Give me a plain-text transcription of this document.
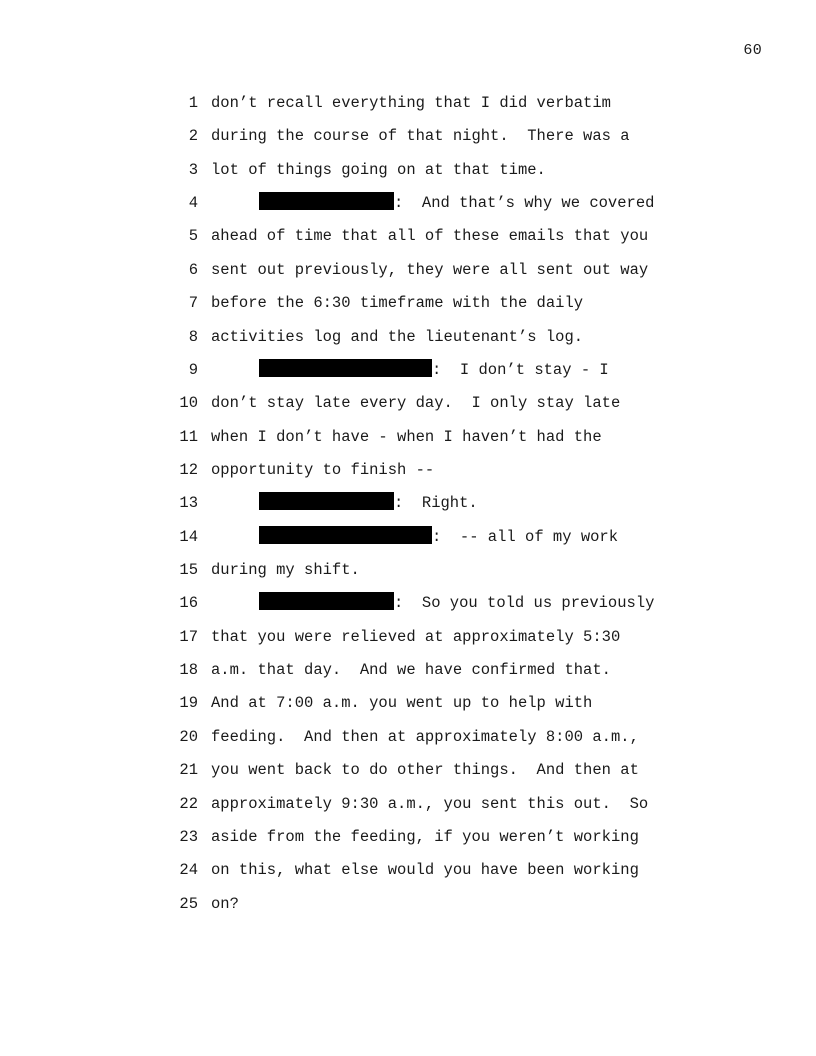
60
1 don’t recall everything that I did verbatim
2 during the course of that night.  There was a
3 lot of things going on at that time.
4	:  And that’s why we covered
5 ahead of time that all of these emails that you
6 sent out previously, they were all sent out way
7 before the 6:30 timeframe with the daily
8 activities log and the lieutenant’s log.
9	:  I don’t stay - I
10 don’t stay late every day.  I only stay late
11 when I don’t have - when I haven’t had the
12 opportunity to finish --
13	:  Right.
14	:  -- all of my work
15 during my shift.
16	:  So you told us previously
17 that you were relieved at approximately 5:30
18 a.m. that day.  And we have confirmed that.
19 And at 7:00 a.m. you went up to help with
20 feeding.  And then at approximately 8:00 a.m.,
21 you went back to do other things.  And then at
22 approximately 9:30 a.m., you sent this out.  So
23 aside from the feeding, if you weren’t working
24 on this, what else would you have been working
25 on?
